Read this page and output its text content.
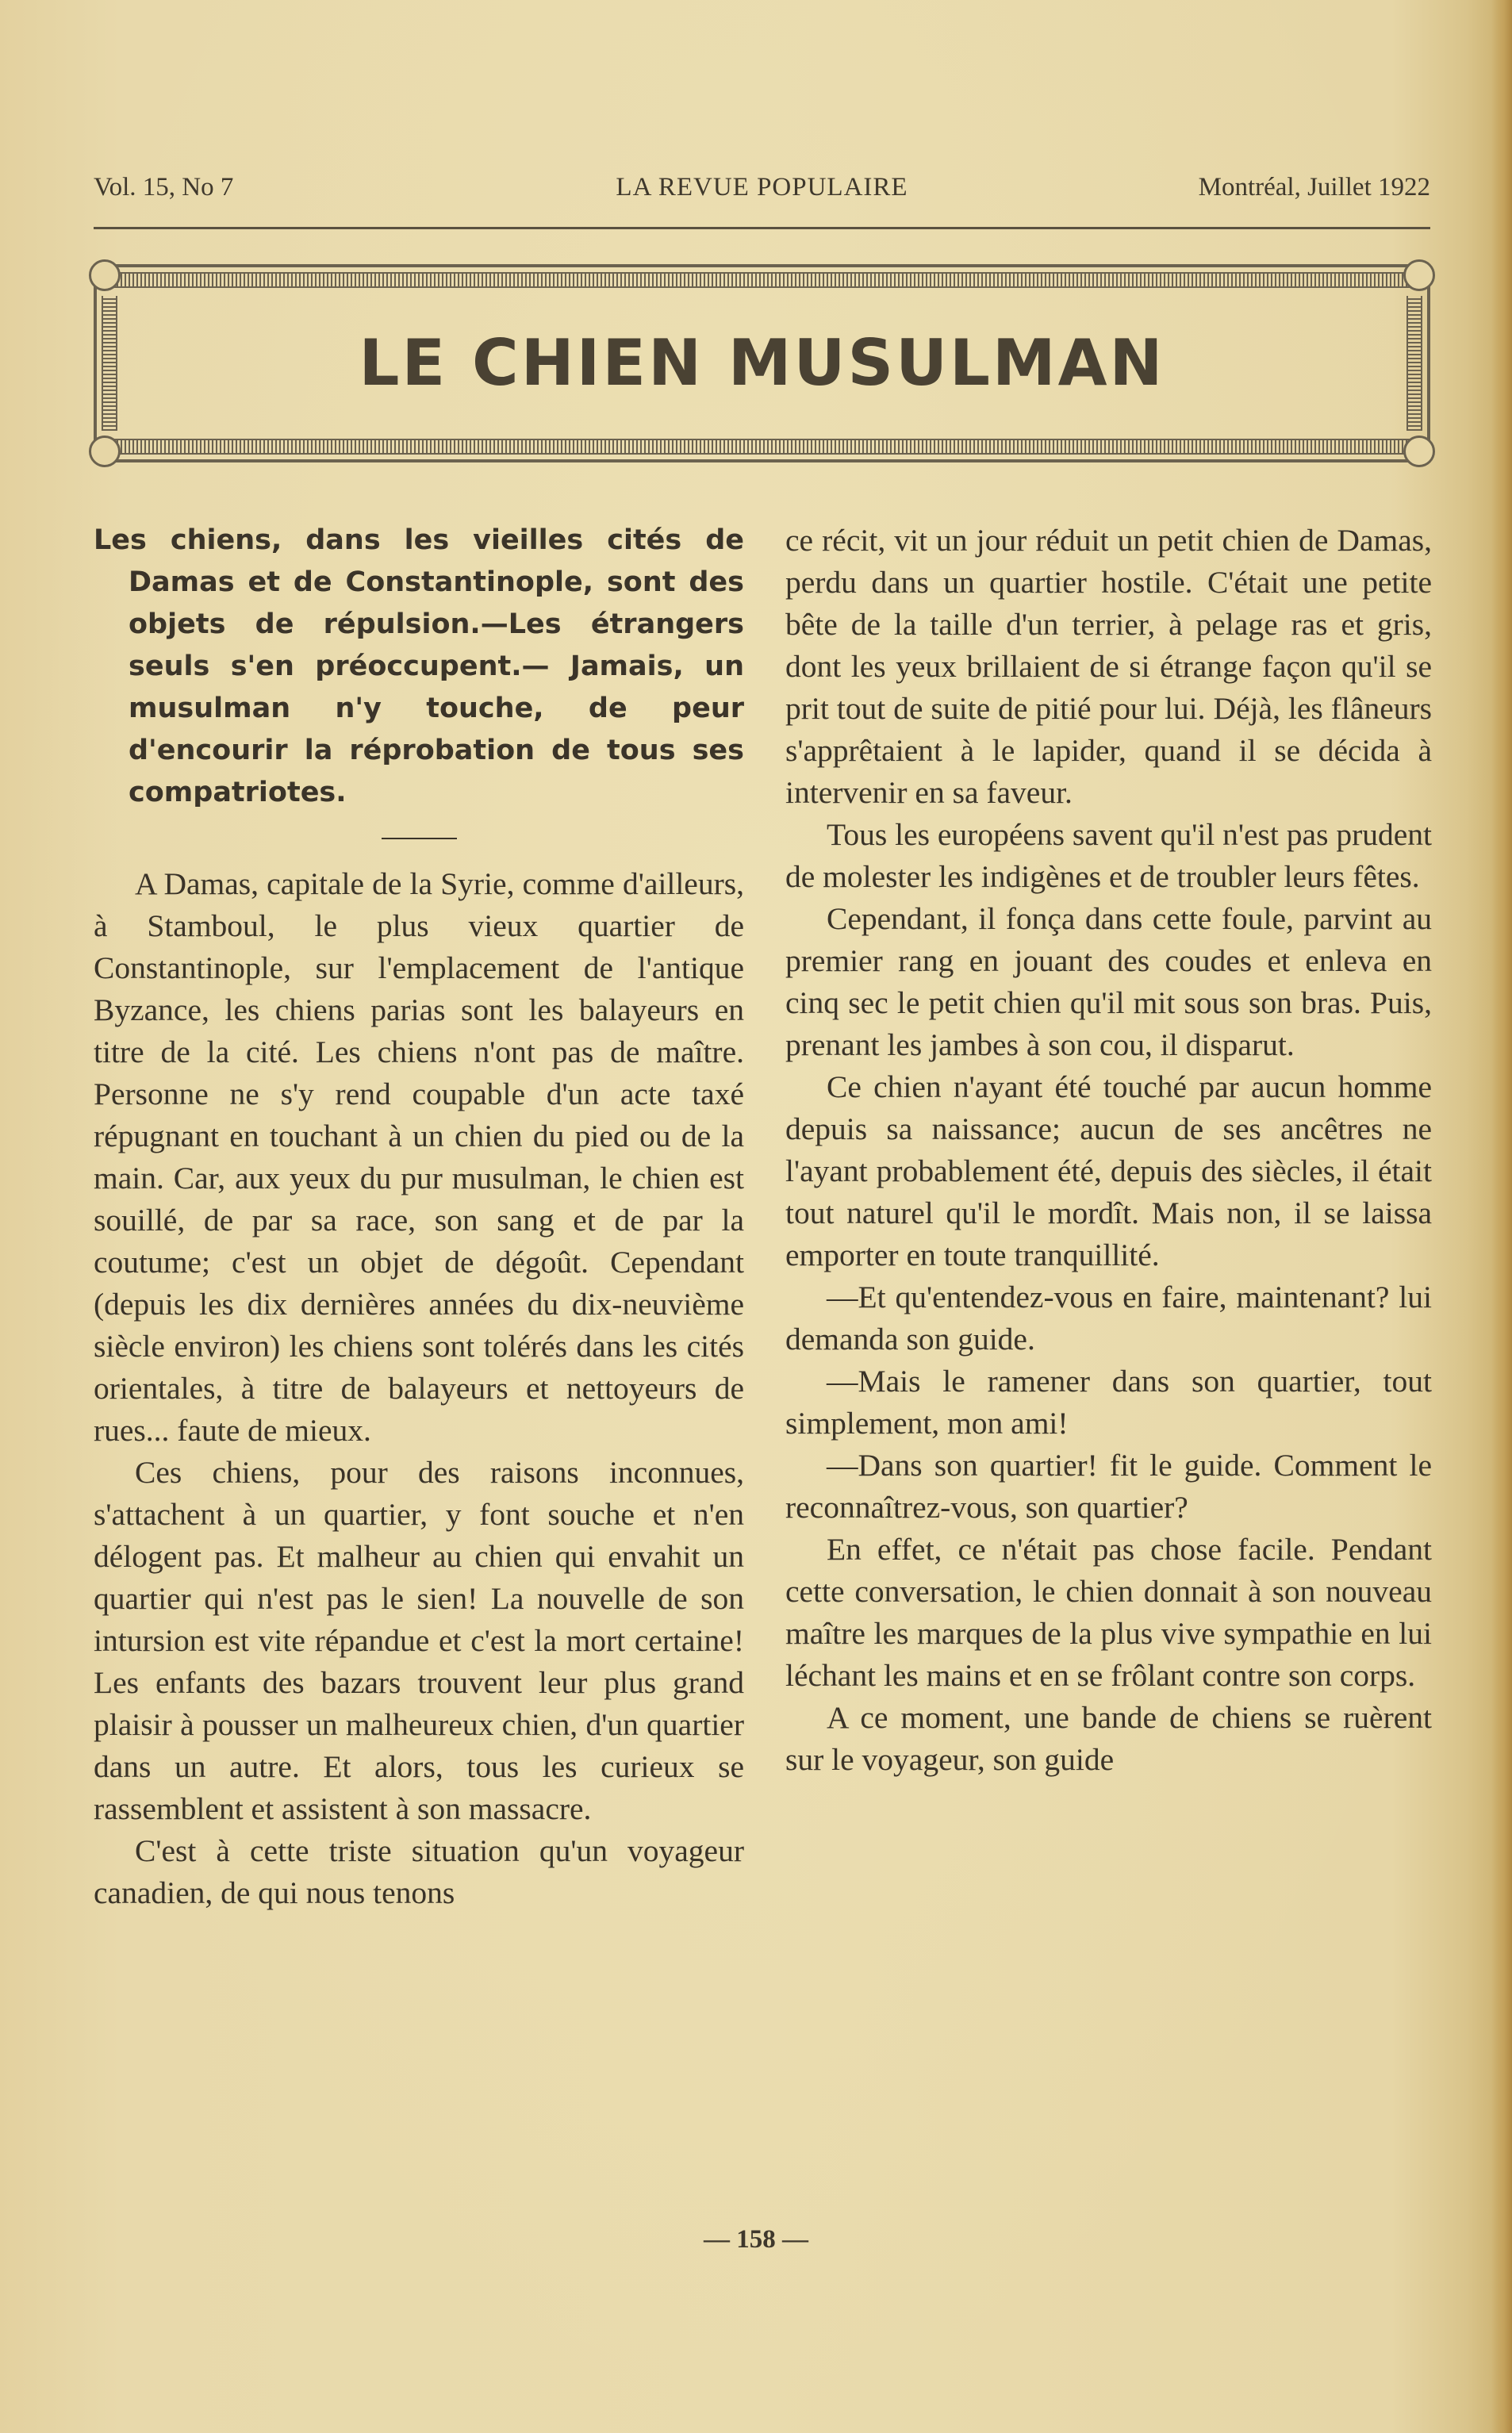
Vol. 15, No 7	LA REVUE POPULAIRE	Montréal, Juillet 1922
LE CHIEN MUSULMAN

Les chiens, dans les vieilles cités de Damas et de Constantinople, sont des objets de répulsion.—Les étrangers seuls s'en préoccupent.— Jamais, un musulman n'y touche, de peur d'encourir la réprobation de tous ses compatriotes.

A Damas, capitale de la Syrie, comme d'ailleurs, à Stamboul, le plus vieux quartier de Constantinople, sur l'emplacement de l'antique Byzance, les chiens parias sont les balayeurs en titre de la cité. Les chiens n'ont pas de maître. Personne ne s'y rend coupable d'un acte taxé répugnant en touchant à un chien du pied ou de la main. Car, aux yeux du pur musulman, le chien est souillé, de par sa race, son sang et de par la coutume; c'est un objet de dégoût. Cependant (depuis les dix dernières années du dix-neuvième siècle environ) les chiens sont tolérés dans les cités orientales, à titre de balayeurs et nettoyeurs de rues... faute de mieux.

Ces chiens, pour des raisons inconnues, s'attachent à un quartier, y font souche et n'en délogent pas. Et malheur au chien qui envahit un quartier qui n'est pas le sien! La nouvelle de son intursion est vite répandue et c'est la mort certaine! Les enfants des bazars trouvent leur plus grand plaisir à pousser un malheureux chien, d'un quartier dans un autre. Et alors, tous les curieux se rassemblent et assistent à son massacre.

C'est à cette triste situation qu'un voyageur canadien, de qui nous tenons

ce récit, vit un jour réduit un petit chien de Damas, perdu dans un quartier hostile. C'était une petite bête de la taille d'un terrier, à pelage ras et gris, dont les yeux brillaient de si étrange façon qu'il se prit tout de suite de pitié pour lui. Déjà, les flâneurs s'apprêtaient à le lapider, quand il se décida à intervenir en sa faveur.

Tous les européens savent qu'il n'est pas prudent de molester les indigènes et de troubler leurs fêtes.

Cependant, il fonça dans cette foule, parvint au premier rang en jouant des coudes et enleva en cinq sec le petit chien qu'il mit sous son bras. Puis, prenant les jambes à son cou, il disparut.

Ce chien n'ayant été touché par aucun homme depuis sa naissance; aucun de ses ancêtres ne l'ayant probablement été, depuis des siècles, il était tout naturel qu'il le mordît. Mais non, il se laissa emporter en toute tranquillité.

—Et qu'entendez-vous en faire, maintenant? lui demanda son guide.

—Mais le ramener dans son quartier, tout simplement, mon ami!

—Dans son quartier! fit le guide. Comment le reconnaîtrez-vous, son quartier?

En effet, ce n'était pas chose facile. Pendant cette conversation, le chien donnait à son nouveau maître les marques de la plus vive sympathie en lui léchant les mains et en se frôlant contre son corps.

A ce moment, une bande de chiens se ruèrent sur le voyageur, son guide

— 158 —
